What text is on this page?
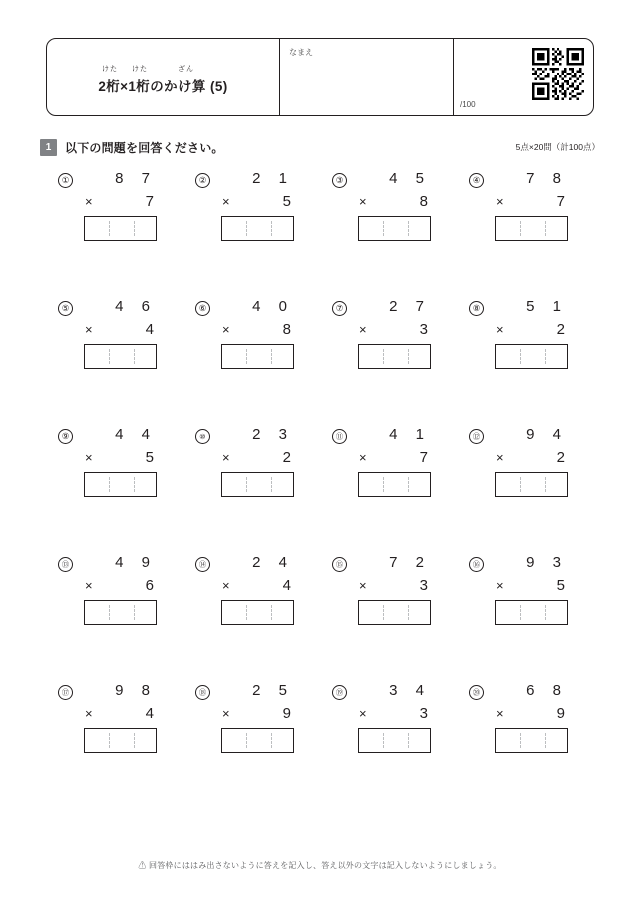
けた けた	ざん
2桁×1桁のかけ算 (5)
なまえ
/100
1	以下の問題を回答ください。	5点×20問（計100点）
①	8 7
×	7
②	2 1
×	5
③	4 5
×	8
④	7 8
×	7
⑤	4 6
×	4
⑥	4 0
×	8
⑦	2 7
×	3
⑧	5 1
×	2
⑨	4 4
×	5
⑩	2 3
×	2
⑪	4 1
×	7
⑫	9 4
×	2
⑬	4 9
×	6
⑭	2 4
×	4
⑮	7 2
×	3
⑯	9 3
×	5
⑰	9 8
×	4
⑱	2 5
×	9
⑲	3 4
×	3
⑳	6 8
×	9
⚠ 回答枠にははみ出さないように答えを記入し、答え以外の文字は記入しないようにしましょう。
